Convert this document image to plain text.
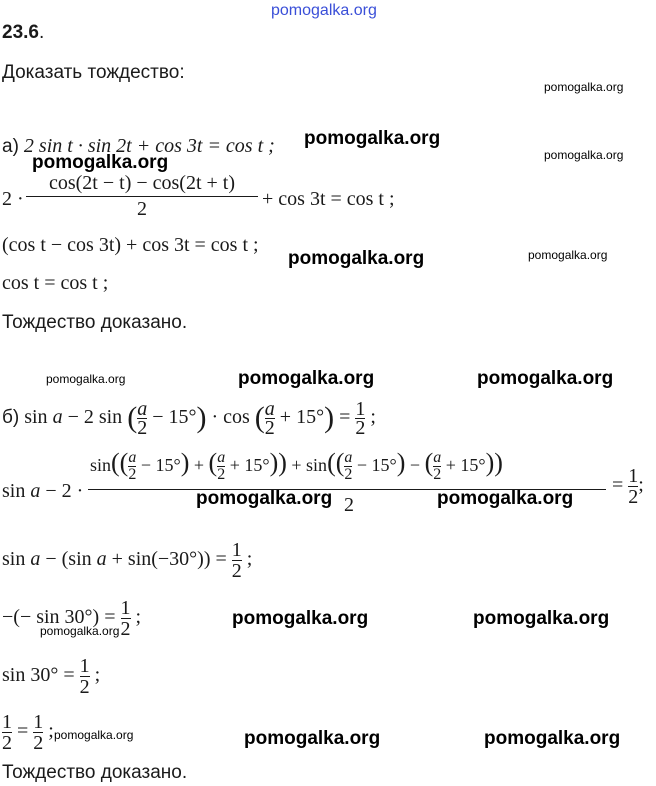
pomogalka.org
23.6.
Доказать тождество:
pomogalka.org
а) 2 sin t · sin 2t + cos 3t = cos t ; pomogalka.org
pomogalka.org
pomogalka.org
2 ·
cos(2t − t) − cos(2t + t)
2	+ cos 3t = cos t ;
(cos t − cos 3t) + cos 3t = cos t ;
pomogalka.org	pomogalka.org
cos t = cos t ;
Тождество доказано.
pomogalka.org	pomogalka.org	pomogalka.org
б) sin a − 2 $\sin (\frac{a}{2} - 15^\circ) \cdot \cos (\frac{a}{2} + 15^\circ) = 1$

2 ;
sin a − 2 ·
$\sin((\frac{a}{2} - 15^\circ) + (\frac{a}{2} + 15^\circ)) + \sin((\frac{a}{2} - 15^\circ) - (\frac{a}{2} + 15^\circ))$
2
pomogalka.org	pomogalka.org
= 1

2
;
sin a − (sin a + sin(−30°)) = 1

2
;
−(− sin 30°) = 1

2
;	pomogalka.org	pomogalka.org
pomogalka.org
sin 30° = 1

2
;
1

2
= 1

2
; pomogalka.org	pomogalka.org	pomogalka.org
Тождество доказано.
